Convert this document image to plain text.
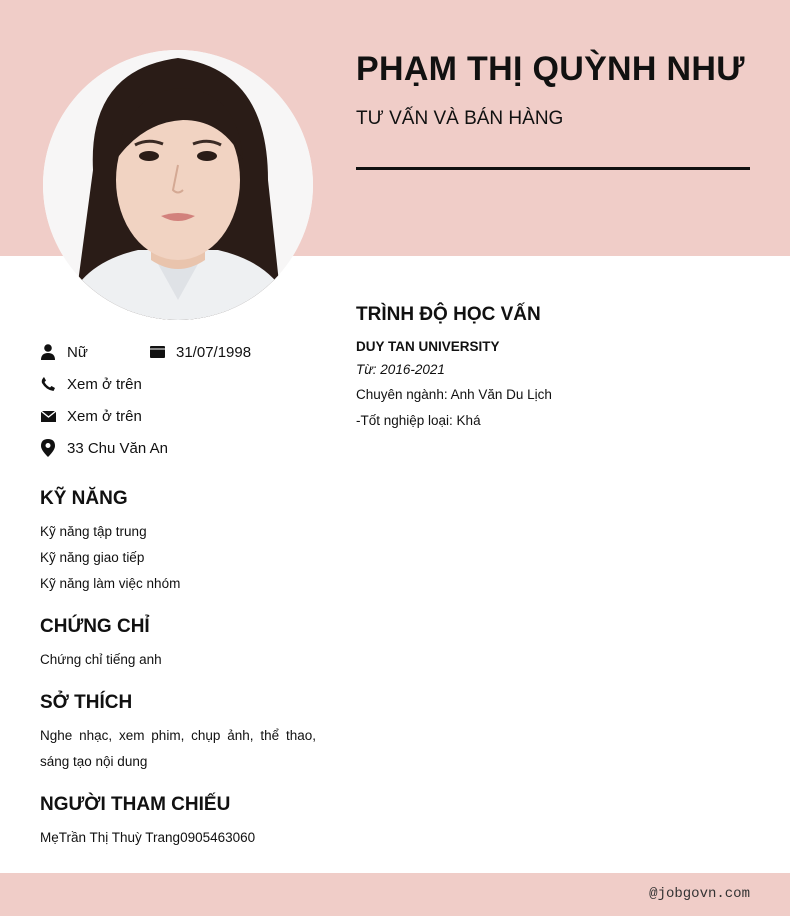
PHẠM THỊ QUỲNH NHƯ
TƯ VẤN VÀ BÁN HÀNG
Nữ	31/07/1998
Xem ở trên
Xem ở trên
33 Chu Văn An
KỸ NĂNG
Kỹ năng tập trung
Kỹ năng giao tiếp
Kỹ năng làm việc nhóm
CHỨNG CHỈ
Chứng chỉ tiếng anh
SỞ THÍCH
Nghe nhạc, xem phim, chụp ảnh, thể thao, sáng tạo nội dung
NGƯỜI THAM CHIẾU
MẹTrần Thị Thuỳ Trang0905463060
TRÌNH ĐỘ HỌC VẤN
DUY TAN UNIVERSITY
Từ: 2016-2021
Chuyên ngành: Anh Văn Du Lịch
-Tốt nghiệp loại: Khá
@jobgovn.com
